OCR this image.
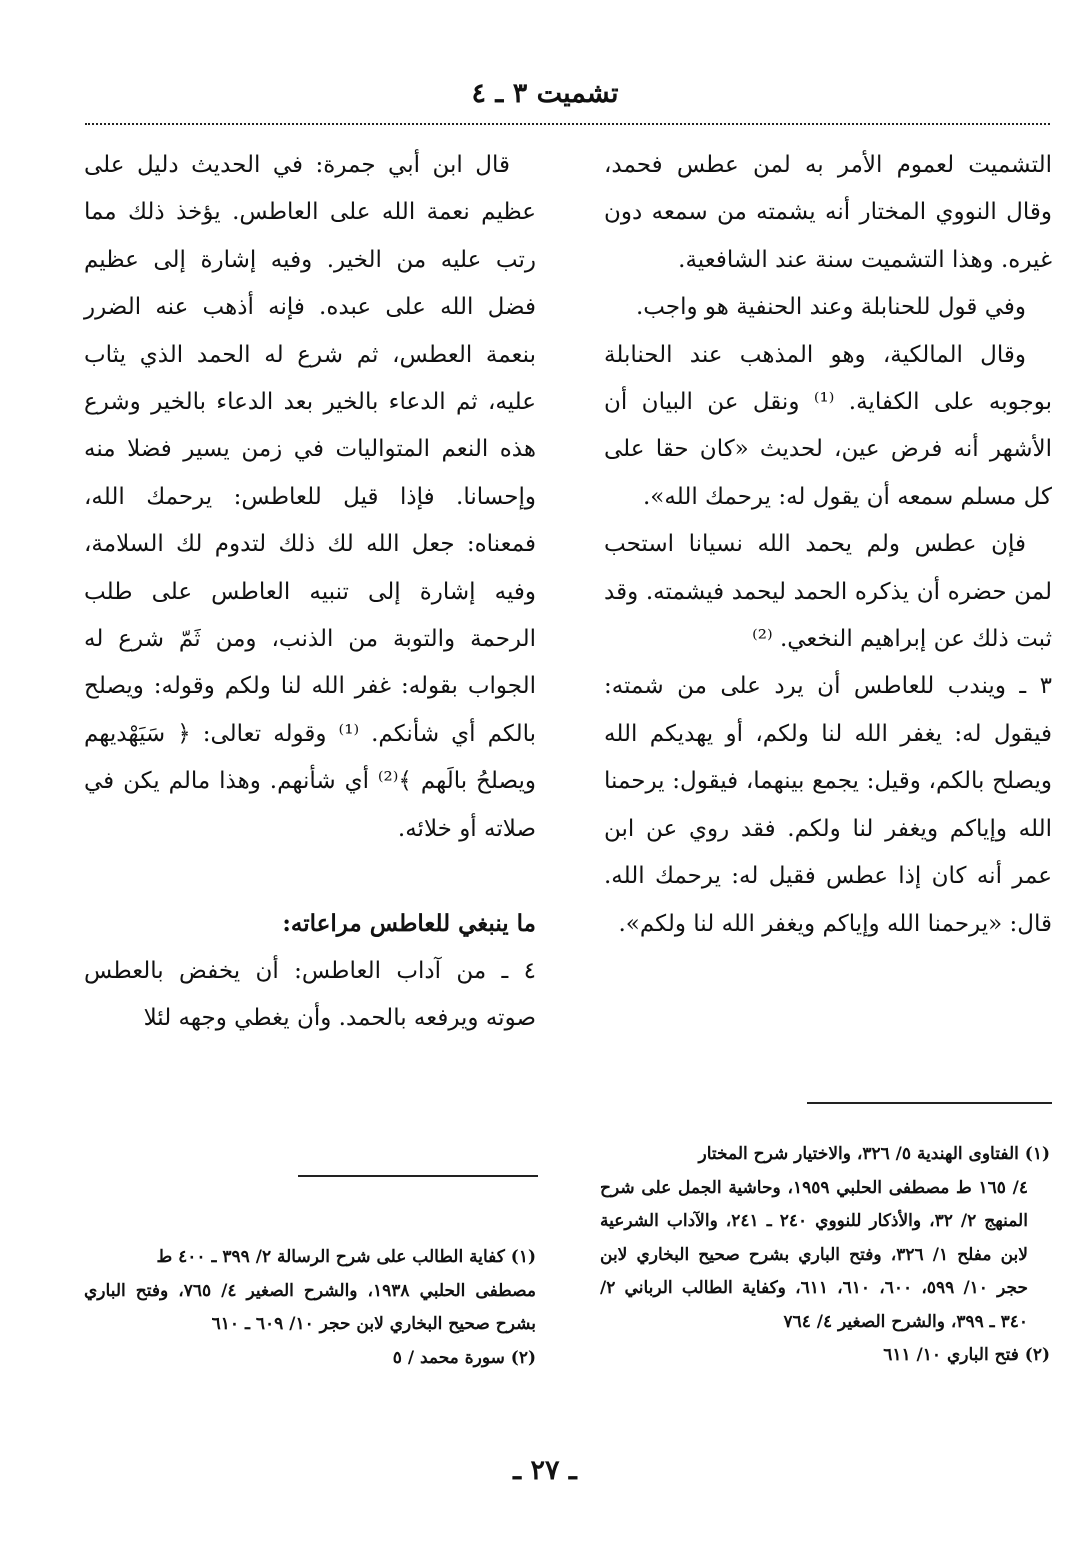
تشميت ٣ ـ ٤

التشميت لعموم الأمر به لمن عطس فحمد، وقال النووي المختار أنه يشمته من سمعه دون غيره. وهذا التشميت سنة عند الشافعية.

وفي قول للحنابلة وعند الحنفية هو واجب.

وقال المالكية، وهو المذهب عند الحنابلة بوجوبه على الكفاية. ⁽¹⁾ ونقل عن البيان أن الأشهر أنه فرض عين، لحديث «كان حقا على كل مسلم سمعه أن يقول له: يرحمك الله».

فإن عطس ولم يحمد الله نسيانا استحب لمن حضره أن يذكره الحمد ليحمد فيشمته. وقد ثبت ذلك عن إبراهيم النخعي. ⁽²⁾

٣ ـ ويندب للعاطس أن يرد على من شمته: فيقول له: يغفر الله لنا ولكم، أو يهديكم الله ويصلح بالكم، وقيل: يجمع بينهما، فيقول: يرحمنا الله وإياكم ويغفر لنا ولكم. فقد روي عن ابن عمر أنه كان إذا عطس فقيل له: يرحمك الله. قال: «يرحمنا الله وإياكم ويغفر الله لنا ولكم».

قال ابن أبي جمرة: في الحديث دليل على عظيم نعمة الله على العاطس. يؤخذ ذلك مما رتب عليه من الخير. وفيه إشارة إلى عظيم فضل الله على عبده. فإنه أذهب عنه الضرر بنعمة العطس، ثم شرع له الحمد الذي يثاب عليه، ثم الدعاء بالخير بعد الدعاء بالخير وشرع هذه النعم المتواليات في زمن يسير فضلا منه وإحسانا. فإذا قيل للعاطس: يرحمك الله، فمعناه: جعل الله لك ذلك لتدوم لك السلامة، وفيه إشارة إلى تنبيه العاطس على طلب الرحمة والتوبة من الذنب، ومن ثَمّ شرع له الجواب بقوله: غفر الله لنا ولكم وقوله: ويصلح بالكم أي شأنكم. ⁽¹⁾ وقوله تعالى: ﴿ سَيَهْديهم ويصلحُ بالَهم ﴾⁽²⁾ أي شأنهم. وهذا مالم يكن في صلاته أو خلائه.

ما ينبغي للعاطس مراعاته:

٤ ـ من آداب العاطس: أن يخفض بالعطس صوته ويرفعه بالحمد. وأن يغطي وجهه لئلا

(١) الفتاوى الهندية ٥/ ٣٢٦، والاختيار شرح المختار

٤/ ١٦٥ ط مصطفى الحلبي ١٩٥٩، وحاشية الجمل على شرح المنهج ٢/ ٣٢، والأذكار للنووي ٢٤٠ ـ ٢٤١، والآداب الشرعية لابن مفلح ١/ ٣٢٦، وفتح الباري بشرح صحيح البخاري لابن حجر ١٠/ ٥٩٩، ٦٠٠، ٦١٠، ٦١١، وكفاية الطالب الرباني ٢/ ٣٤٠ ـ ٣٩٩، والشرح الصغير ٤/ ٧٦٤

(٢) فتح الباري ١٠/ ٦١١

(١) كفاية الطالب على شرح الرسالة ٢/ ٣٩٩ ـ ٤٠٠ ط

مصطفى الحلبي ١٩٣٨، والشرح الصغير ٤/ ٧٦٥، وفتح الباري بشرح صحيح البخاري لابن حجر ١٠/ ٦٠٩ ـ ٦١٠

(٢) سورة محمد / ٥

ـ ٢٧ ـ
